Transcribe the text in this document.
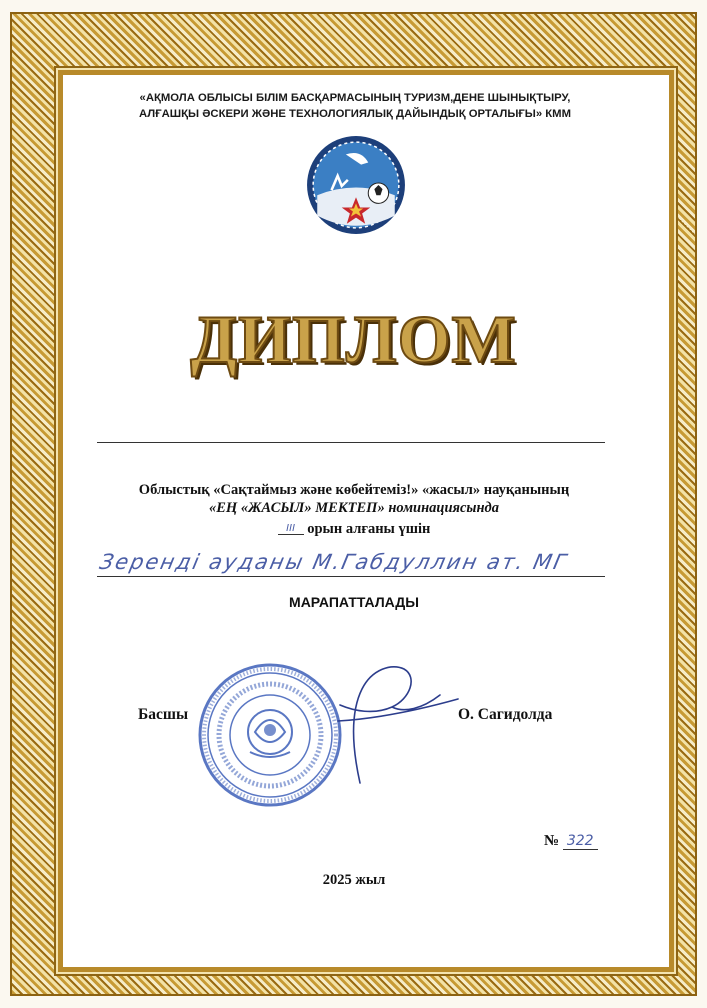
«АҚМОЛА ОБЛЫСЫ БІЛІМ БАСҚАРМАСЫНЫҢ ТУРИЗМ,ДЕНЕ ШЫНЫҚТЫРУ,
АЛҒАШҚЫ ӘСКЕРИ ЖӘНЕ ТЕХНОЛОГИЯЛЫҚ ДАЙЫНДЫҚ ОРТАЛЫҒЫ» КММ

ДИПЛОМ

Облыстық «Сақтаймыз және көбейтеміз!» «жасыл» науқанының

«ЕҢ «ЖАСЫЛ» МЕКТЕП» номинациясында

III орын алғаны үшін

Зеренді ауданы М.Габдуллин ат. МГ

МАРАПАТТАЛАДЫ

Басшы	О. Сагидолда

№ 322

2025 жыл
